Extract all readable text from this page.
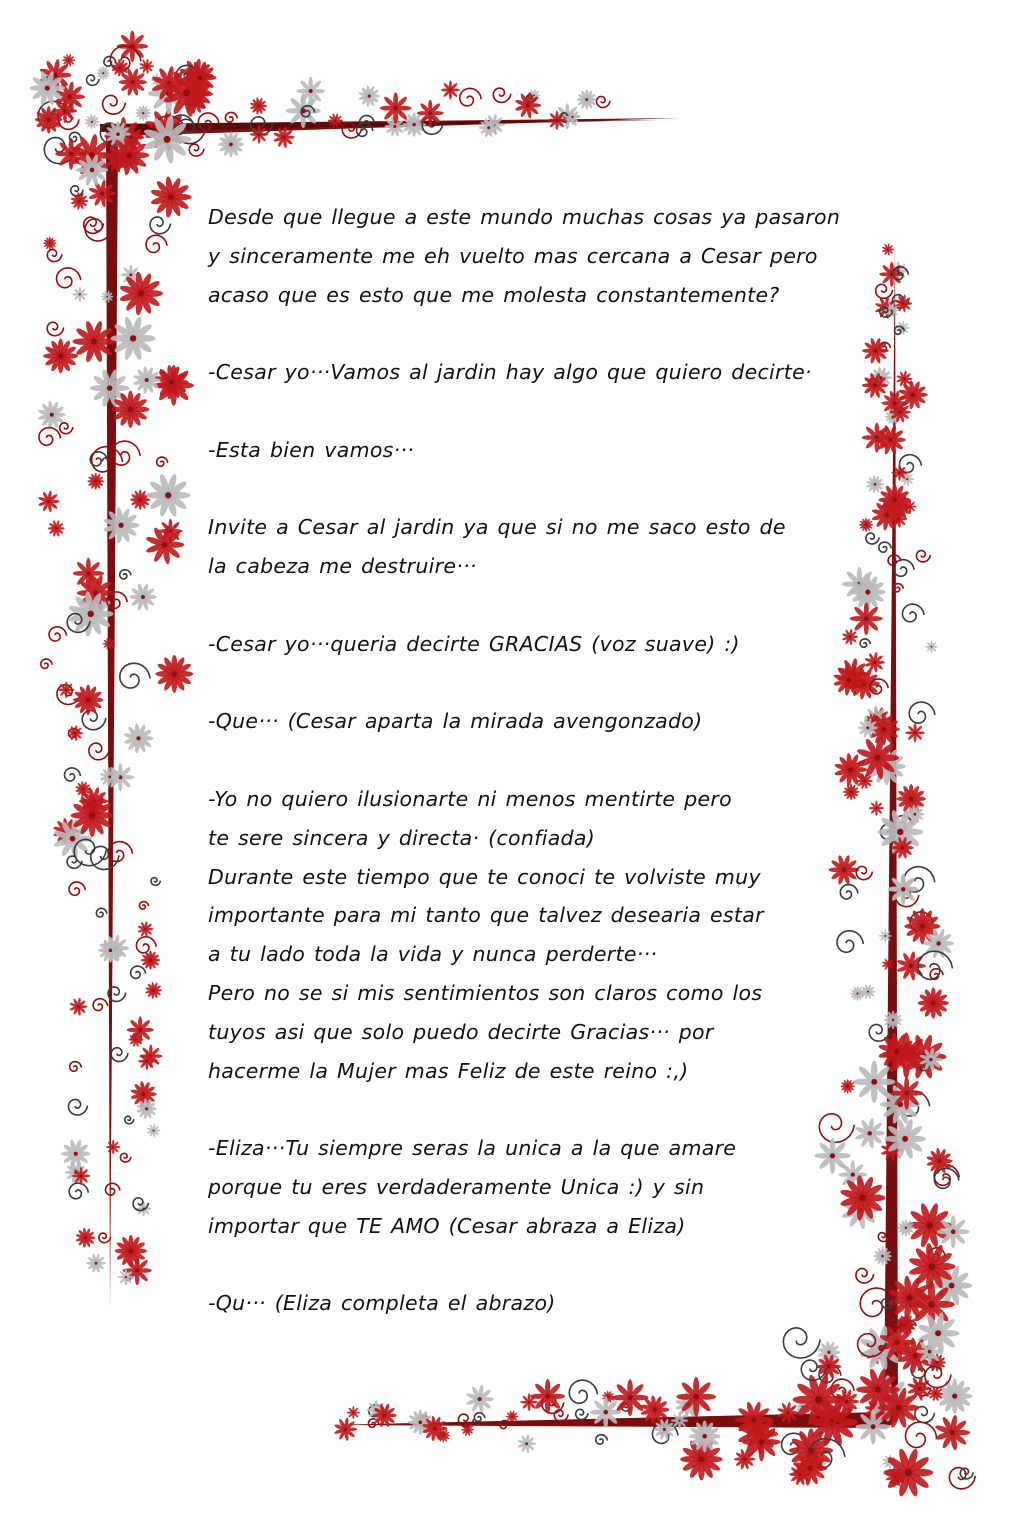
Desde que llegue a este mundo muchas cosas ya pasaron
y sinceramente me eh vuelto mas cercana a Cesar pero
acaso que es esto que me molesta constantemente?

-Cesar yo···Vamos al jardin hay algo que quiero decirte·

-Esta bien vamos···

Invite a Cesar al jardin ya que si no me saco esto de
la cabeza me destruire···

-Cesar yo···queria decirte GRACIAS (voz suave) :)

-Que··· (Cesar aparta la mirada avengonzado)

-Yo no quiero ilusionarte ni menos mentirte pero
te sere sincera y directa· (confiada)
Durante este tiempo que te conoci te volviste muy
importante para mi tanto que talvez desearia estar
a tu lado toda la vida y nunca perderte···
Pero no se si mis sentimientos son claros como los
tuyos asi que solo puedo decirte Gracias··· por
hacerme la Mujer mas Feliz de este reino :,)

-Eliza···Tu siempre seras la unica a la que amare
porque tu eres verdaderamente Unica :) y sin
importar que TE AMO (Cesar abraza a Eliza)

-Qu··· (Eliza completa el abrazo)
